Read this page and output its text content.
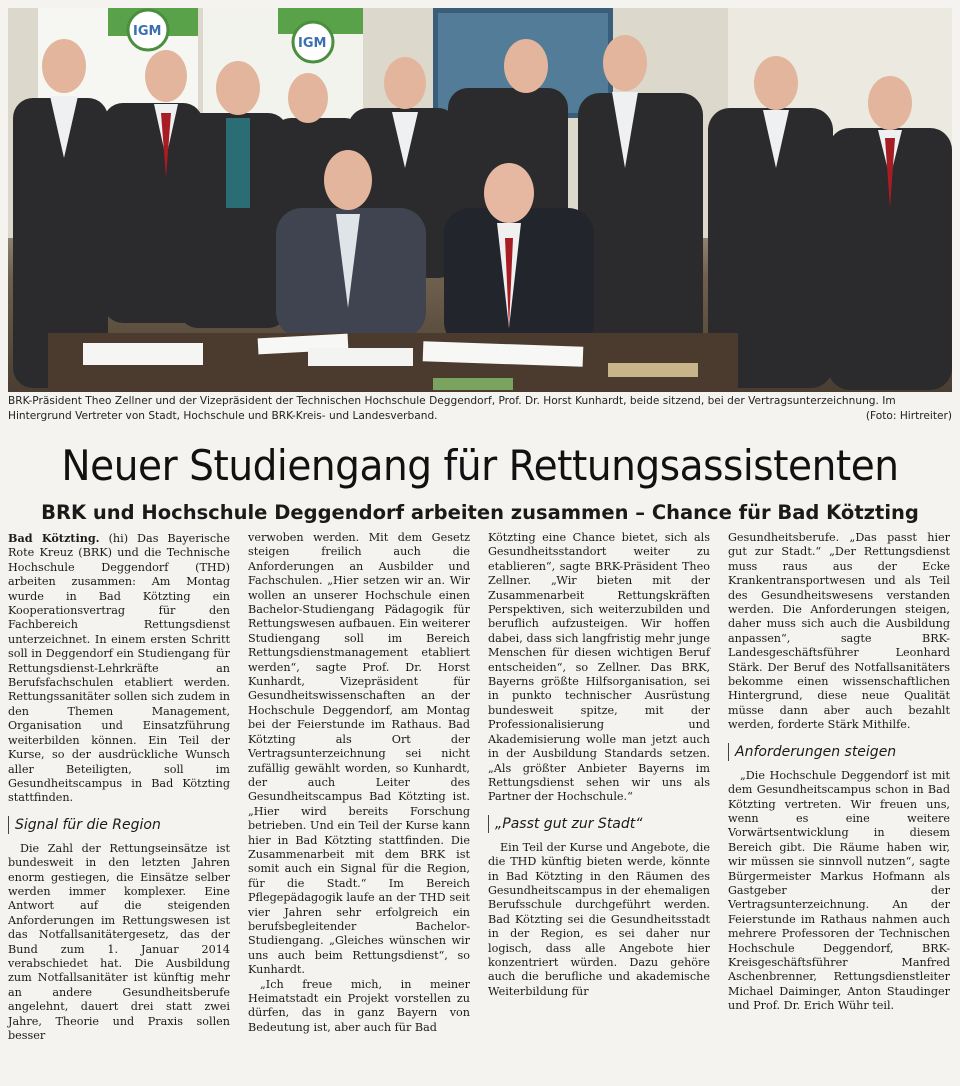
IGM
IGM
BRK-Präsident Theo Zellner und der Vizepräsident der Technischen Hochschule Deggendorf, Prof. Dr. Horst Kunhardt, beide sitzend, bei der Vertragsunterzeichnung. Im Hintergrund Vertreter von Stadt, Hochschule und BRK-Kreis- und Landesverband.	(Foto: Hirtreiter)
Neuer Studiengang für Rettungsassistenten
BRK und Hochschule Deggendorf arbeiten zusammen – Chance für Bad Kötzting

Bad Kötzting. (hi) Das Bayerische Rote Kreuz (BRK) und die Technische Hochschule Deggendorf (THD) arbeiten zusammen: Am Montag wurde in Bad Kötzting ein Kooperationsvertrag für den Fachbereich Rettungsdienst unterzeichnet. In einem ersten Schritt soll in Deggendorf ein Studiengang für Rettungsdienst-Lehrkräfte an Berufsfachschulen etabliert werden. Rettungssanitäter sollen sich zudem in den Themen Management, Organisation und Einsatzführung weiterbilden können. Ein Teil der Kurse, so der ausdrückliche Wunsch aller Beteiligten, soll im Gesundheitscampus in Bad Kötzting stattfinden.

Signal für die Region

Die Zahl der Rettungseinsätze ist bundesweit in den letzten Jahren enorm gestiegen, die Einsätze selber werden immer komplexer. Eine Antwort auf die steigenden Anforderungen im Rettungswesen ist das Notfallsanitätergesetz, das der Bund zum 1. Januar 2014 verabschiedet hat. Die Ausbildung zum Notfallsanitäter ist künftig mehr an andere Gesundheitsberufe angelehnt, dauert drei statt zwei Jahre, Theorie und Praxis sollen besser

verwoben werden. Mit dem Gesetz steigen freilich auch die Anforderungen an Ausbilder und Fachschulen. „Hier setzen wir an. Wir wollen an unserer Hochschule einen Bachelor-Studiengang Pädagogik für Rettungswesen aufbauen. Ein weiterer Studiengang soll im Bereich Rettungsdienstmanagement etabliert werden“, sagte Prof. Dr. Horst Kunhardt, Vizepräsident für Gesundheitswissenschaften an der Hochschule Deggendorf, am Montag bei der Feierstunde im Rathaus. Bad Kötzting als Ort der Vertragsunterzeichnung sei nicht zufällig gewählt worden, so Kunhardt, der auch Leiter des Gesundheitscampus Bad Kötzting ist. „Hier wird bereits Forschung betrieben. Und ein Teil der Kurse kann hier in Bad Kötzting stattfinden. Die Zusammenarbeit mit dem BRK ist somit auch ein Signal für die Region, für die Stadt.“ Im Bereich Pflegepädagogik laufe an der THD seit vier Jahren sehr erfolgreich ein berufsbegleitender Bachelor-Studiengang. „Gleiches wünschen wir uns auch beim Rettungsdienst“, so Kunhardt.

„Ich freue mich, in meiner Heimatstadt ein Projekt vorstellen zu dürfen, das in ganz Bayern von Bedeutung ist, aber auch für Bad

Kötzting eine Chance bietet, sich als Gesundheitsstandort weiter zu etablieren“, sagte BRK-Präsident Theo Zellner. „Wir bieten mit der Zusammenarbeit Rettungskräften Perspektiven, sich weiterzubilden und beruflich aufzusteigen. Wir hoffen dabei, dass sich langfristig mehr junge Menschen für diesen wichtigen Beruf entscheiden“, so Zellner. Das BRK, Bayerns größte Hilfsorganisation, sei in punkto technischer Ausrüstung bundesweit spitze, mit der Professionalisierung und Akademisierung wolle man jetzt auch in der Ausbildung Standards setzen. „Als größter Anbieter Bayerns im Rettungsdienst sehen wir uns als Partner der Hochschule.“

„Passt gut zur Stadt“

Ein Teil der Kurse und Angebote, die die THD künftig bieten werde, könnte in Bad Kötzting in den Räumen des Gesundheitscampus in der ehemaligen Berufsschule durchgeführt werden. Bad Kötzting sei die Gesundheitsstadt in der Region, es sei daher nur logisch, dass alle Angebote hier konzentriert würden. Dazu gehöre auch die berufliche und akademische Weiterbildung für

Gesundheitsberufe. „Das passt hier gut zur Stadt.“ „Der Rettungsdienst muss raus aus der Ecke Krankentransportwesen und als Teil des Gesundheitswesens verstanden werden. Die Anforderungen steigen, daher muss sich auch die Ausbildung anpassen“, sagte BRK-Landesgeschäftsführer Leonhard Stärk. Der Beruf des Notfallsanitäters bekomme einen wissenschaftlichen Hintergrund, diese neue Qualität müsse dann aber auch bezahlt werden, forderte Stärk Mithilfe.

Anforderungen steigen

„Die Hochschule Deggendorf ist mit dem Gesundheitscampus schon in Bad Kötzting vertreten. Wir freuen uns, wenn es eine weitere Vorwärtsentwicklung in diesem Bereich gibt. Die Räume haben wir, wir müssen sie sinnvoll nutzen“, sagte Bürgermeister Markus Hofmann als Gastgeber der Vertragsunterzeichnung. An der Feierstunde im Rathaus nahmen auch mehrere Professoren der Technischen Hochschule Deggendorf, BRK-Kreisgeschäftsführer Manfred Aschenbrenner, Rettungsdienstleiter Michael Daiminger, Anton Staudinger und Prof. Dr. Erich Wühr teil.
